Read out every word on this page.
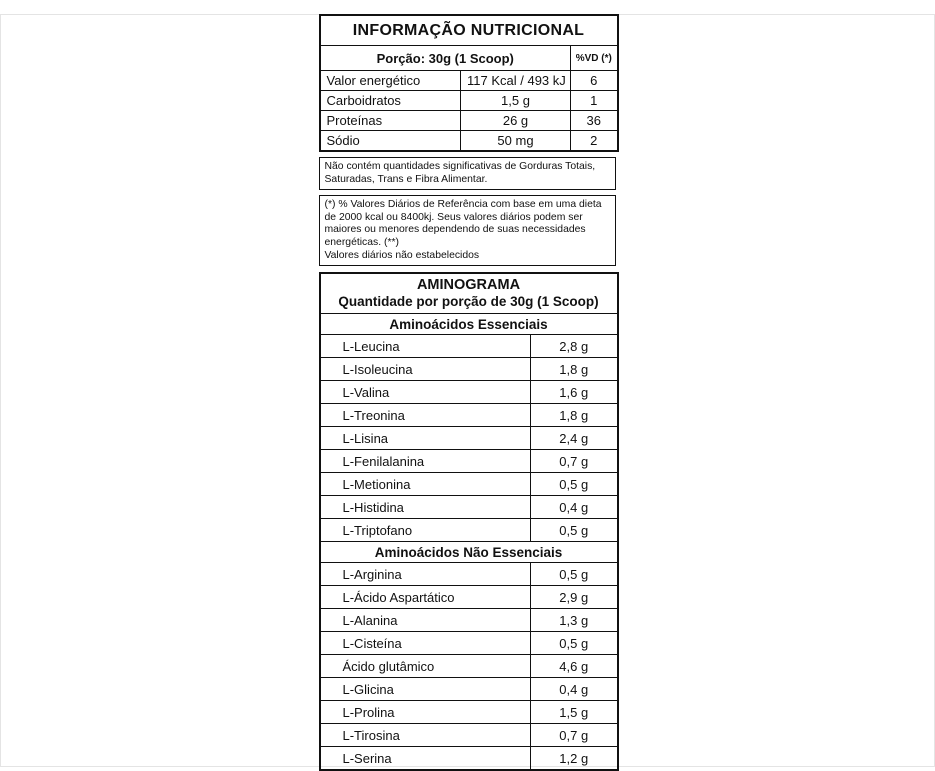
INFORMAÇÃO NUTRICIONAL		
Porção: 30g (1 Scoop)		%VD (*)
Valor energético	117 Kcal / 493 kJ	6
Carboidratos	1,5 g	1
Proteínas	26 g	36
Sódio	50 mg	2
Não contém quantidades significativas de Gorduras Totais, Saturadas, Trans e Fibra Alimentar.
(*) % Valores Diários de Referência com base em uma dieta de 2000 kcal ou 8400kj. Seus valores diários podem ser maiores ou menores dependendo de suas necessidades energéticas. (**)
Valores diários não estabelecidos
AMINOGRAMA
Quantidade por porção de 30g (1 Scoop)	

Aminoácidos Essenciais	
L-Leucina	2,8 g
L-Isoleucina	1,8 g
L-Valina	1,6 g
L-Treonina	1,8 g
L-Lisina	2,4 g
L-Fenilalanina	0,7 g
L-Metionina	0,5 g
L-Histidina	0,4 g
L-Triptofano	0,5 g
Aminoácidos Não Essenciais	
L-Arginina	0,5 g
L-Ácido Aspartático	2,9 g
L-Alanina	1,3 g
L-Cisteína	0,5 g
Ácido glutâmico	4,6 g
L-Glicina	0,4 g
L-Prolina	1,5 g
L-Tirosina	0,7 g
L-Serina	1,2 g
